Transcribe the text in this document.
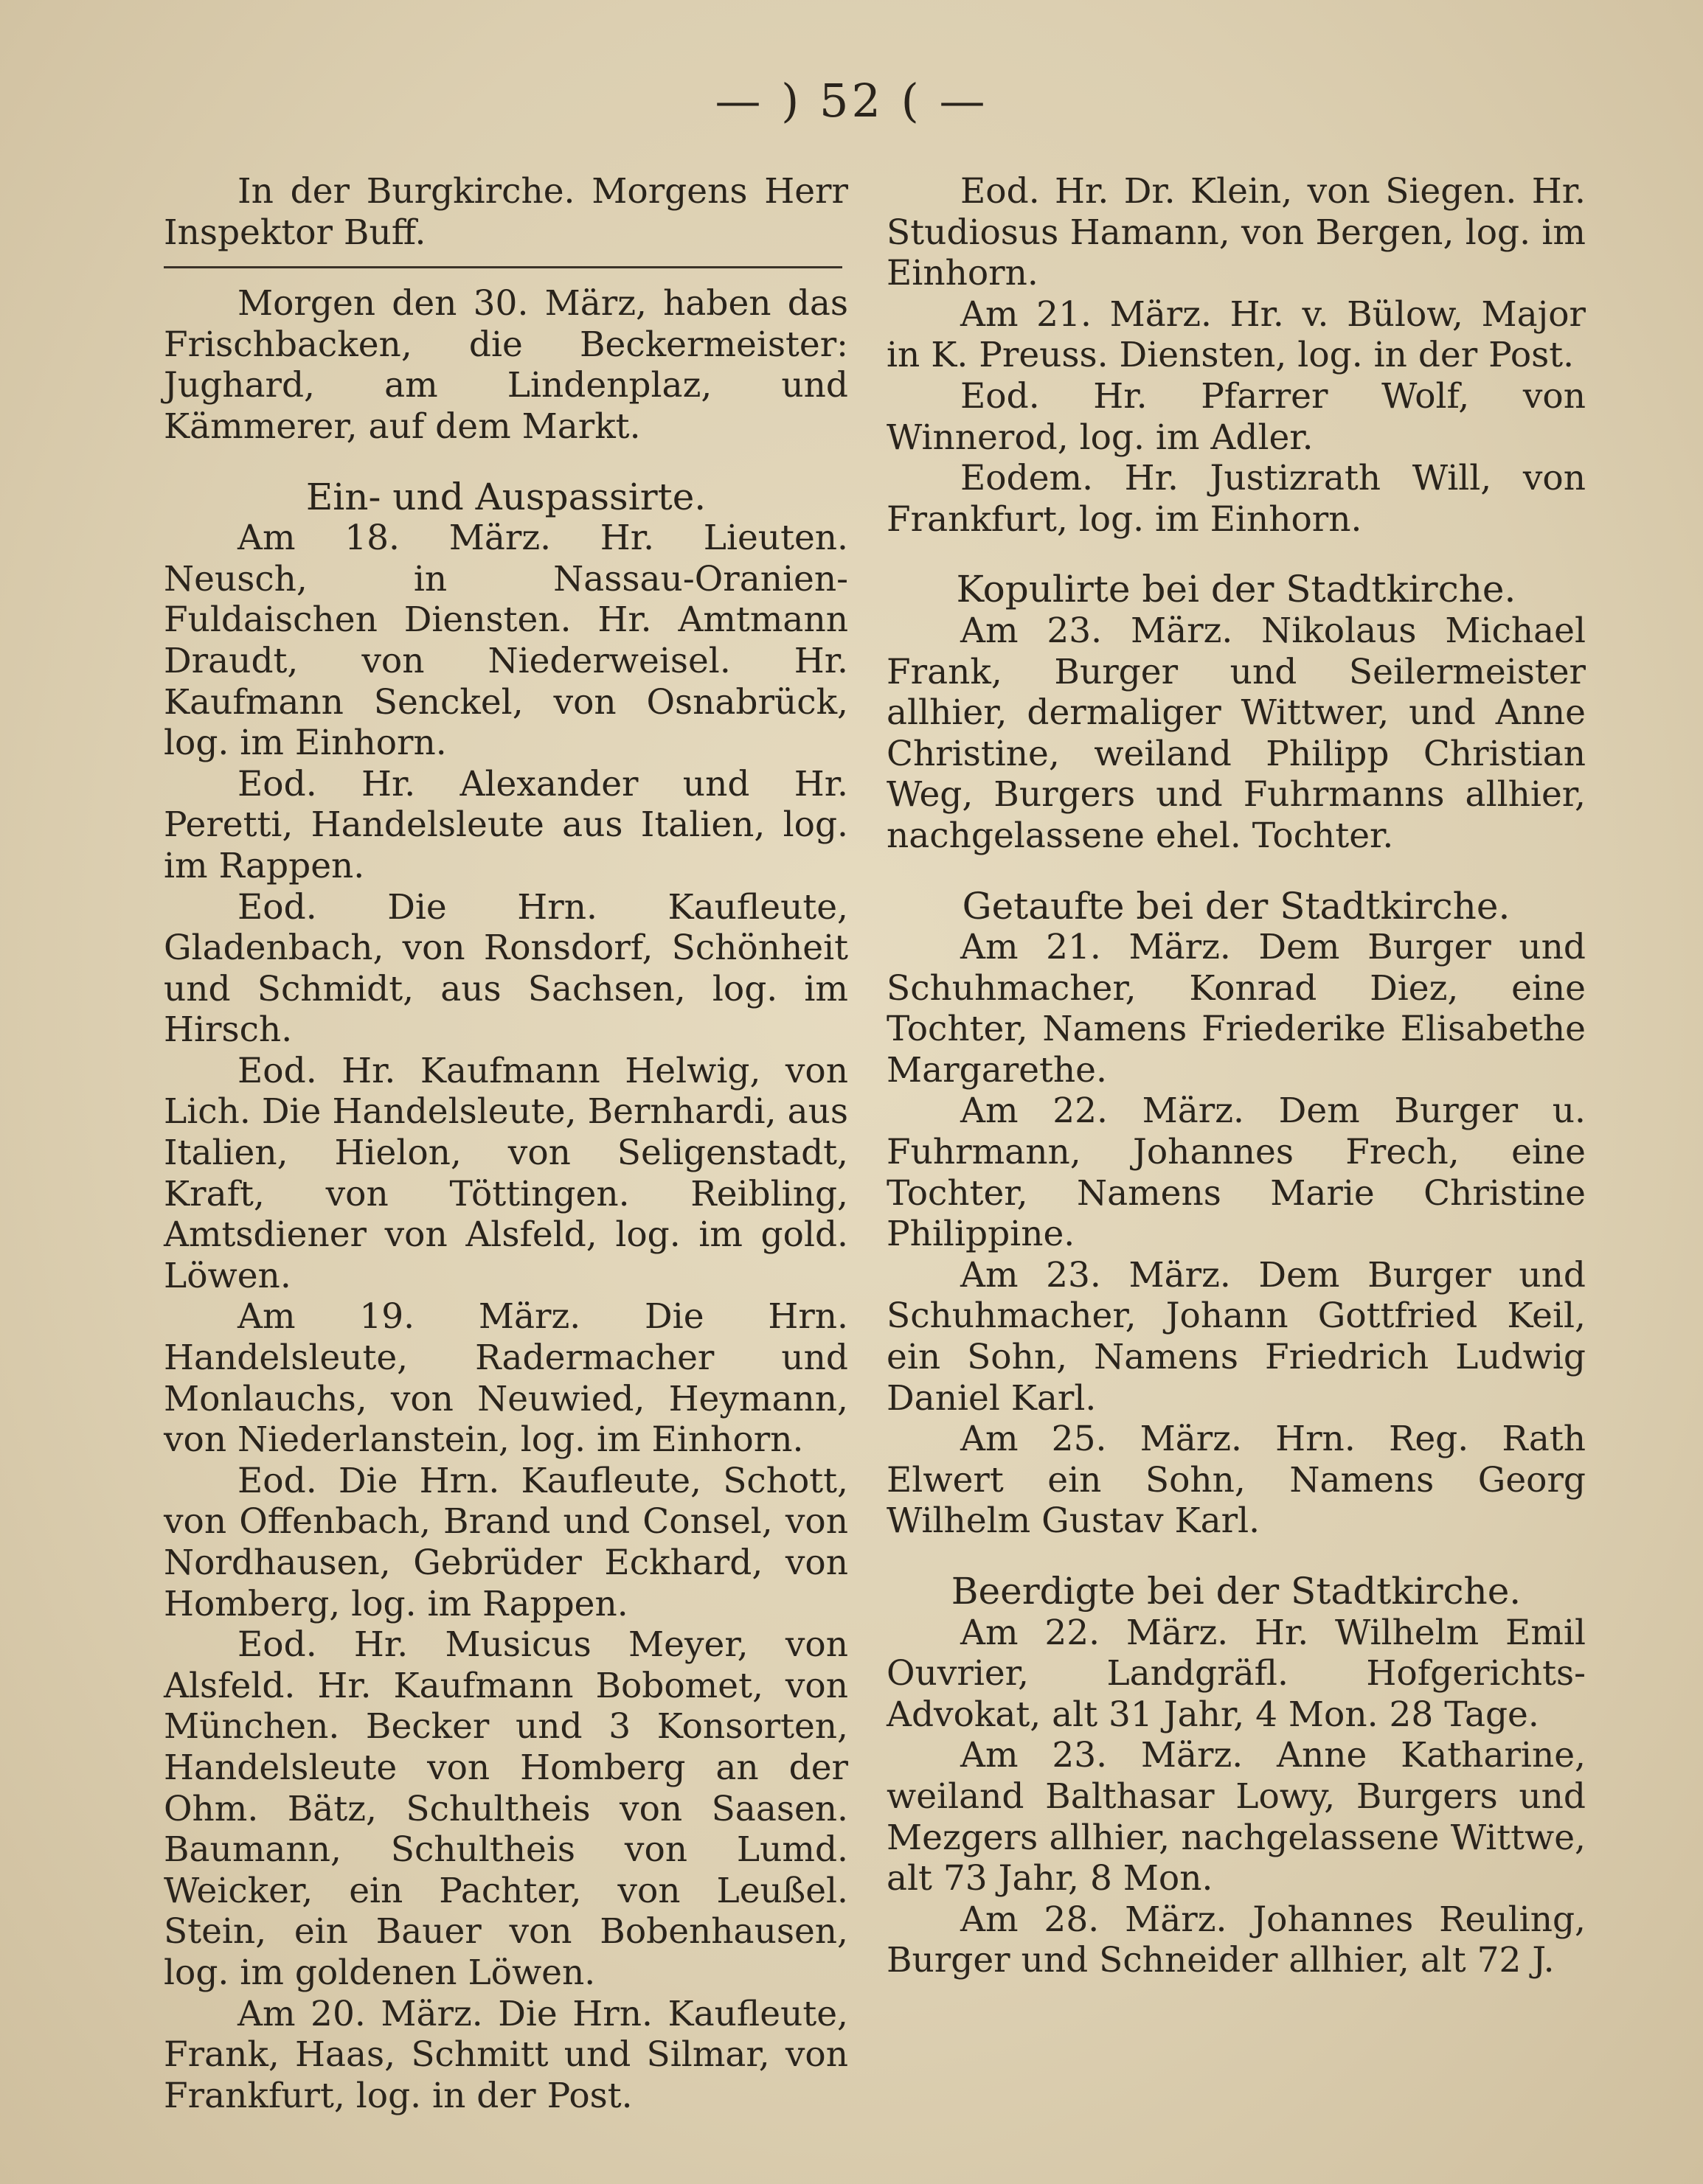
— ) 52 ( —

In der Burgkirche. Morgens Herr Inspektor Buff.

Morgen den 30. März, haben das Frischbacken, die Beckermeister: Jughard, am Lindenplaz, und Kämmerer, auf dem Markt.

Ein- und Auspassirte.

Am 18. März. Hr. Lieuten. Neusch, in Nassau-Oranien-Fuldaischen Diensten. Hr. Amtmann Draudt, von Niederweisel. Hr. Kaufmann Senckel, von Osnabrück, log. im Einhorn.

Eod. Hr. Alexander und Hr. Peretti, Handelsleute aus Italien, log. im Rappen.

Eod. Die Hrn. Kaufleute, Gladenbach, von Ronsdorf, Schönheit und Schmidt, aus Sachsen, log. im Hirsch.

Eod. Hr. Kaufmann Helwig, von Lich. Die Handelsleute, Bernhardi, aus Italien, Hielon, von Seligenstadt, Kraft, von Töttingen. Reibling, Amtsdiener von Alsfeld, log. im gold. Löwen.

Am 19. März. Die Hrn. Handelsleute, Radermacher und Monlauchs, von Neuwied, Heymann, von Niederlanstein, log. im Einhorn.

Eod. Die Hrn. Kaufleute, Schott, von Offenbach, Brand und Consel, von Nordhausen, Gebrüder Eckhard, von Homberg, log. im Rappen.

Eod. Hr. Musicus Meyer, von Alsfeld. Hr. Kaufmann Bobomet, von München. Becker und 3 Konsorten, Handelsleute von Homberg an der Ohm. Bätz, Schultheis von Saasen. Baumann, Schultheis von Lumd. Weicker, ein Pachter, von Leußel. Stein, ein Bauer von Bobenhausen, log. im goldenen Löwen.

Am 20. März. Die Hrn. Kaufleute, Frank, Haas, Schmitt und Silmar, von Frankfurt, log. in der Post.

Eod. Hr. Dr. Klein, von Siegen. Hr. Studiosus Hamann, von Bergen, log. im Einhorn.

Am 21. März. Hr. v. Bülow, Major in K. Preuss. Diensten, log. in der Post.

Eod. Hr. Pfarrer Wolf, von Winnerod, log. im Adler.

Eodem. Hr. Justizrath Will, von Frankfurt, log. im Einhorn.

Kopulirte bei der Stadtkirche.

Am 23. März. Nikolaus Michael Frank, Burger und Seilermeister allhier, dermaliger Wittwer, und Anne Christine, weiland Philipp Christian Weg, Burgers und Fuhrmanns allhier, nachgelassene ehel. Tochter.

Getaufte bei der Stadtkirche.

Am 21. März. Dem Burger und Schuhmacher, Konrad Diez, eine Tochter, Namens Friederike Elisabethe Margarethe.

Am 22. März. Dem Burger u. Fuhrmann, Johannes Frech, eine Tochter, Namens Marie Christine Philippine.

Am 23. März. Dem Burger und Schuhmacher, Johann Gottfried Keil, ein Sohn, Namens Friedrich Ludwig Daniel Karl.

Am 25. März. Hrn. Reg. Rath Elwert ein Sohn, Namens Georg Wilhelm Gustav Karl.

Beerdigte bei der Stadtkirche.

Am 22. März. Hr. Wilhelm Emil Ouvrier, Landgräfl. Hofgerichts-Advokat, alt 31 Jahr, 4 Mon. 28 Tage.

Am 23. März. Anne Katharine, weiland Balthasar Lowy, Burgers und Mezgers allhier, nachgelassene Wittwe, alt 73 Jahr, 8 Mon.

Am 28. März. Johannes Reuling, Burger und Schneider allhier, alt 72 J.
